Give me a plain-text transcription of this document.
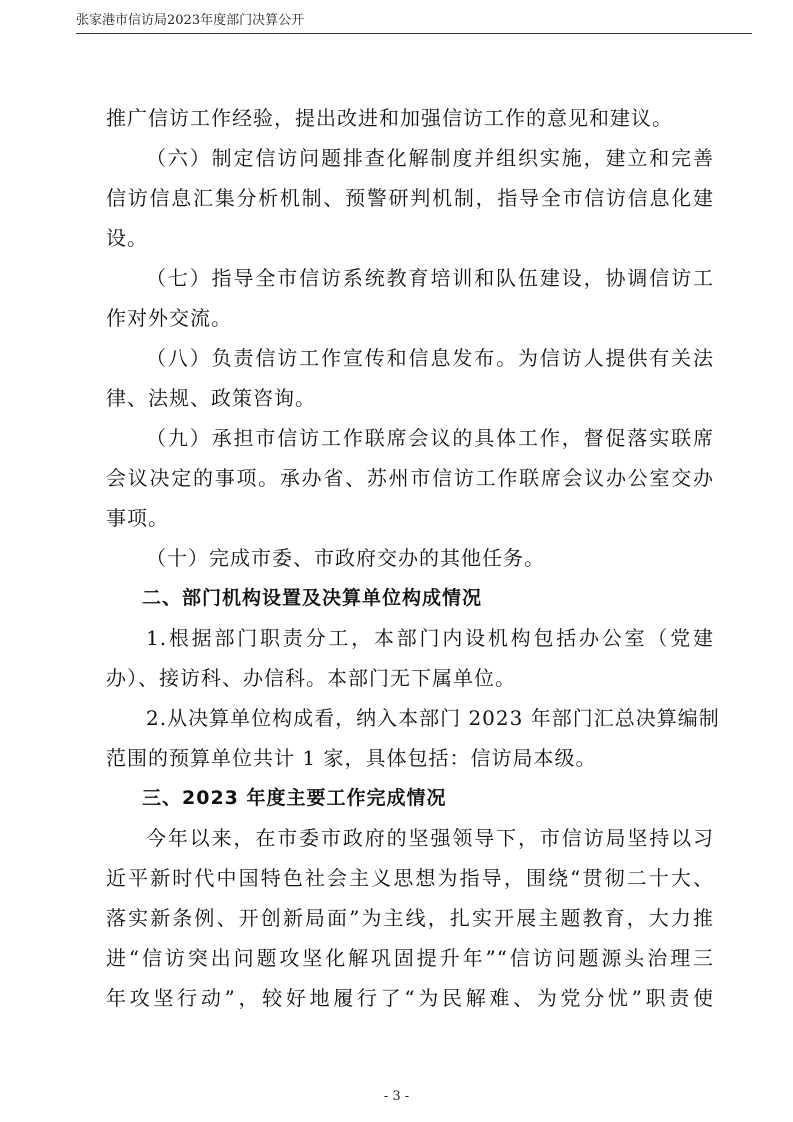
张家港市信访局2023年度部门决算公开
推广信访工作经验，提出改进和加强信访工作的意见和建议。
（六）制定信访问题排查化解制度并组织实施，建立和完善
信访信息汇集分析机制、预警研判机制，指导全市信访信息化建
设。
（七）指导全市信访系统教育培训和队伍建设，协调信访工
作对外交流。
（八）负责信访工作宣传和信息发布。为信访人提供有关法
律、法规、政策咨询。
（九）承担市信访工作联席会议的具体工作，督促落实联席
会议决定的事项。承办省、苏州市信访工作联席会议办公室交办
事项。
（十）完成市委、市政府交办的其他任务。
二、部门机构设置及决算单位构成情况
1.根据部门职责分工，本部门内设机构包括办公室（党建
办）、接访科、办信科。本部门无下属单位。
2.从决算单位构成看，纳入本部门 2023 年部门汇总决算编制
范围的预算单位共计 1 家，具体包括：信访局本级。
三、2023 年度主要工作完成情况
今年以来，在市委市政府的坚强领导下，市信访局坚持以习
近平新时代中国特色社会主义思想为指导，围绕“贯彻二十大、
落实新条例、开创新局面”为主线，扎实开展主题教育，大力推
进“信访突出问题攻坚化解巩固提升年”“信访问题源头治理三
年攻坚行动”，较好地履行了“为民解难、为党分忧”职责使
- 3 -
